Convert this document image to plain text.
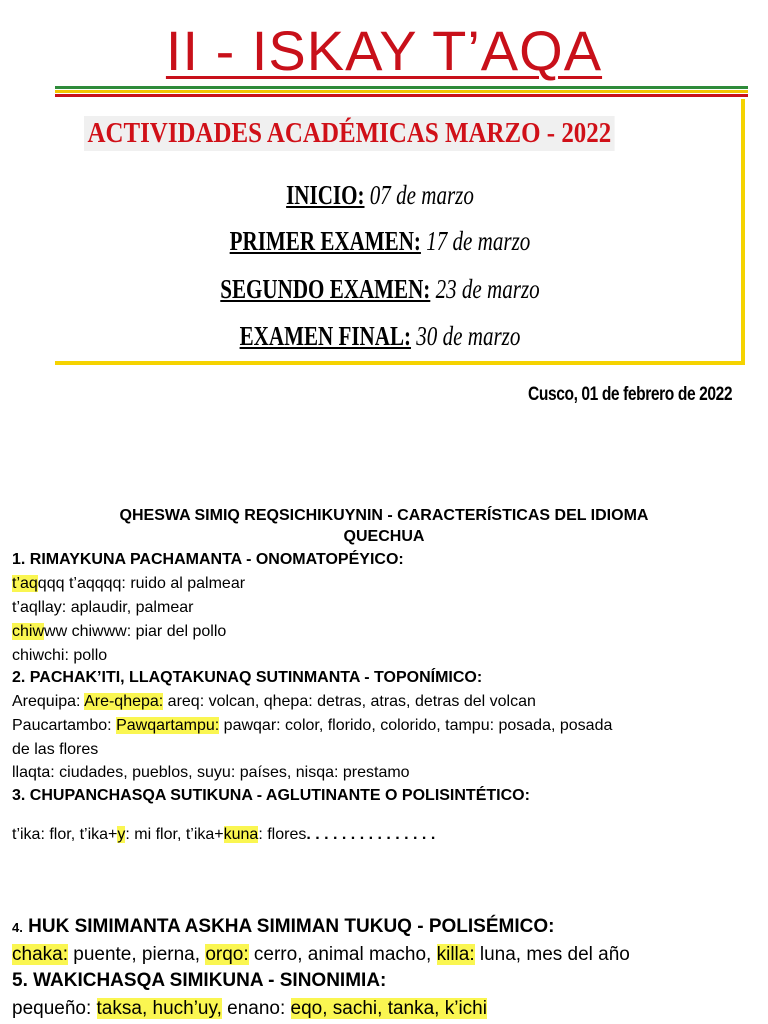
II - ISKAY T’AQA
ACTIVIDADES ACADÉMICAS MARZO - 2022
INICIO: 07 de marzo
PRIMER EXAMEN: 17 de marzo
SEGUNDO EXAMEN: 23 de marzo
EXAMEN FINAL: 30 de marzo
Cusco, 01 de febrero de 2022
QHESWA SIMIQ REQSICHIKUYNIN - CARACTERÍSTICAS DEL IDIOMA
QUECHUA
1. RIMAYKUNA PACHAMANTA - ONOMATOPÉYICO:
t’aqqqq t’aqqqq: ruido al palmear
t’aqllay: aplaudir, palmear
chiwww chiwww: piar del pollo
chiwchi: pollo
2. PACHAK’ITI, LLAQTAKUNAQ SUTINMANTA - TOPONÍMICO:
Arequipa: Are-qhepa: areq: volcan, qhepa: detras, atras, detras del volcan
Paucartambo: Pawqartampu: pawqar: color, florido, colorido, tampu: posada, posada
de las flores
llaqta: ciudades, pueblos, suyu: países, nisqa: prestamo
3. CHUPANCHASQA SUTIKUNA - AGLUTINANTE O POLISINTÉTICO:
t’ika: flor, t’ika+y: mi flor, t’ika+kuna: flores. . . . . . . . . . . . . . .
4. HUK SIMIMANTA ASKHA SIMIMAN TUKUQ - POLISÉMICO:
chaka: puente, pierna, orqo: cerro, animal macho, killa: luna, mes del año
5. WAKICHASQA SIMIKUNA - SINONIMIA:
pequeño: taksa, huch’uy, enano: eqo, sachi, tanka, k’ichi
